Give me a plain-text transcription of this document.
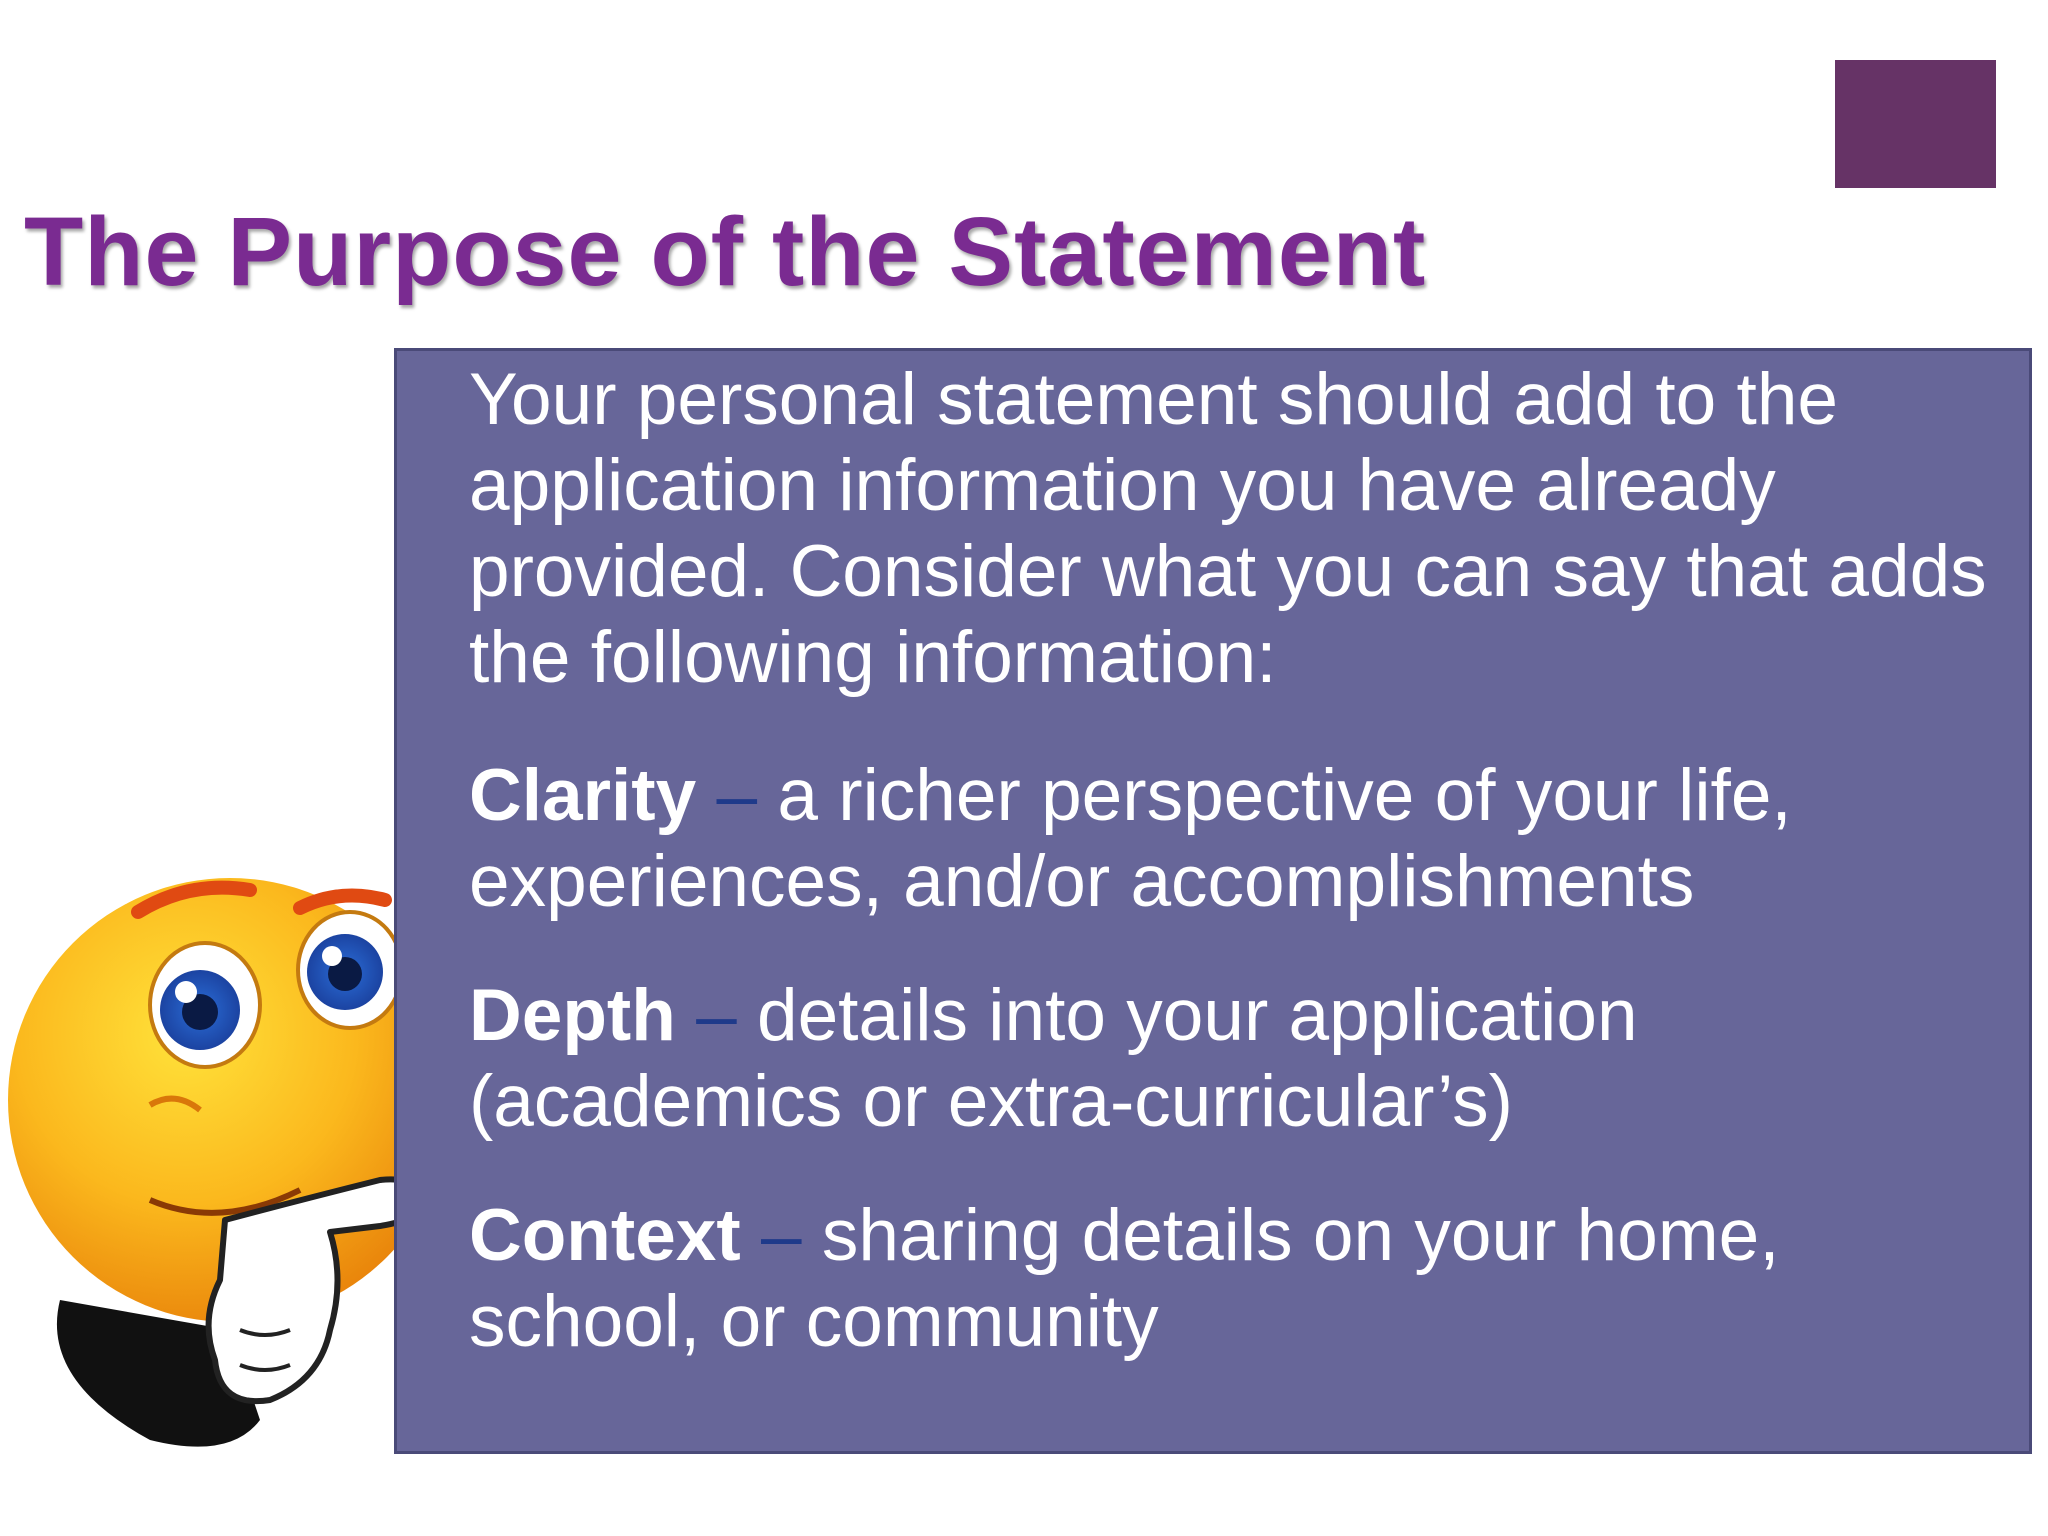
The Purpose of the Statement

Your personal statement should add to the application information you have already provided. Consider what you can say that adds the following information:

Clarity – a richer perspective of your life, experiences, and/or accomplishments

Depth – details into your application (academics or extra-curricular’s)

Context – sharing details on your home, school, or community
